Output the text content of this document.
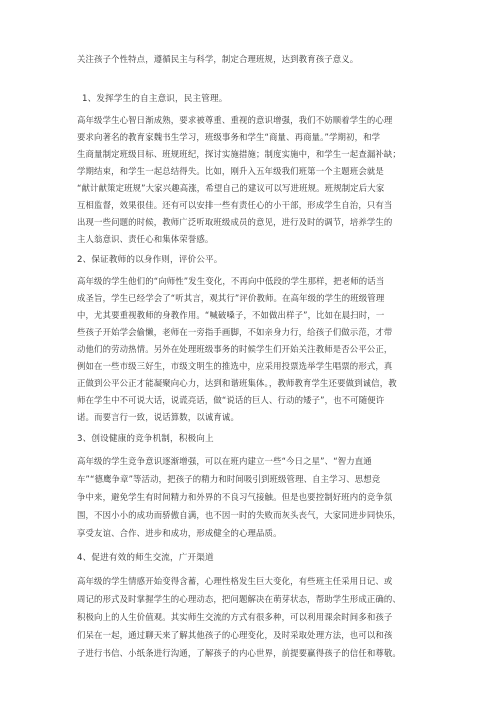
关注孩子个性特点，遵循民主与科学，制定合理班规，达到教育孩子意义。
1、发挥学生的自主意识，民主管理。
高年级学生心智日渐成熟，要求被尊重、重视的意识增强，我们不妨顺着学生的心理
要求向著名的教育家魏书生学习，班级事务和学生“商量、再商量。”学期初，和学
生商量制定班级目标、班规班纪，探讨实施措施；制度实施中，和学生一起查漏补缺；
学期结束，和学生一起总结得失。比如，刚升入五年级我们班第一个主题班会就是
“献计献策定班规”大家兴趣高涨，希望自己的建议可以写进班规。班规制定后大家
互相监督，效果很佳。还有可以安排一些有责任心的小干部，形成学生自治，只有当
出现一些问题的时候，教师广泛听取班级成员的意见，进行及时的调节，培养学生的
主人翁意识、责任心和集体荣誉感。
2、保证教师的以身作则，评价公平。
高年级的学生他们的“向师性”发生变化，不再向中低段的学生那样，把老师的话当
成圣旨，学生已经学会了“听其言，观其行”评价教师。在高年级的学生的班级管理
中，尤其要重视教师的身教作用。“喊破嗓子，不如做出样子”，比如在晨扫时，一
些孩子开始学会偷懒，老师在一旁指手画脚，不如亲身力行，给孩子们做示范，才带
动他们的劳动热情。另外在处理班级事务的时候学生们开始关注教师是否公平公正，
例如在一些市级三好生，市级文明生的推选中，应采用投票选举学生唱票的形式，真
正做到公平公正才能凝聚向心力，达到和谐班集体。，教师教育学生还要做到诚信，教
师在学生中不可说大话，说谎亮话，做“说话的巨人、行动的矮子”，也不可随便许
诺。而要言行一致，说话算数，以诚育诚。
3、创设健康的竞争机制，积极向上
高年级的学生竞争意识逐渐增强，可以在班内建立一些“今日之星”、“智力直通
车”“德鹰争章”等活动，把孩子的精力和时间吸引到班级管理、自主学习、思想竞
争中来，避免学生有时间精力和外界的不良习气接触。但是也要控制好班内的竞争氛
围，不因小小的成功而骄傲自满，也不因一时的失败而灰头丧气，大家同进步同快乐，
享受友谊、合作、进步和成功，形成健全的心理品质。
4、促进有效的师生交流，广开渠道
高年级的学生情感开始变得含蓄，心理性格发生巨大变化，有些班主任采用日记、或
周记的形式及时掌握学生的心理动态，把问题解决在萌芽状态，帮助学生形成正确的、
积极向上的人生价值观。其实师生交流的方式有很多种，可以利用课余时间多和孩子
们呆在一起，通过聊天来了解其他孩子的心理变化，及时采取处理方法，也可以和孩
子进行书信、小纸条进行沟通，了解孩子的内心世界，前提要赢得孩子的信任和尊敬。
